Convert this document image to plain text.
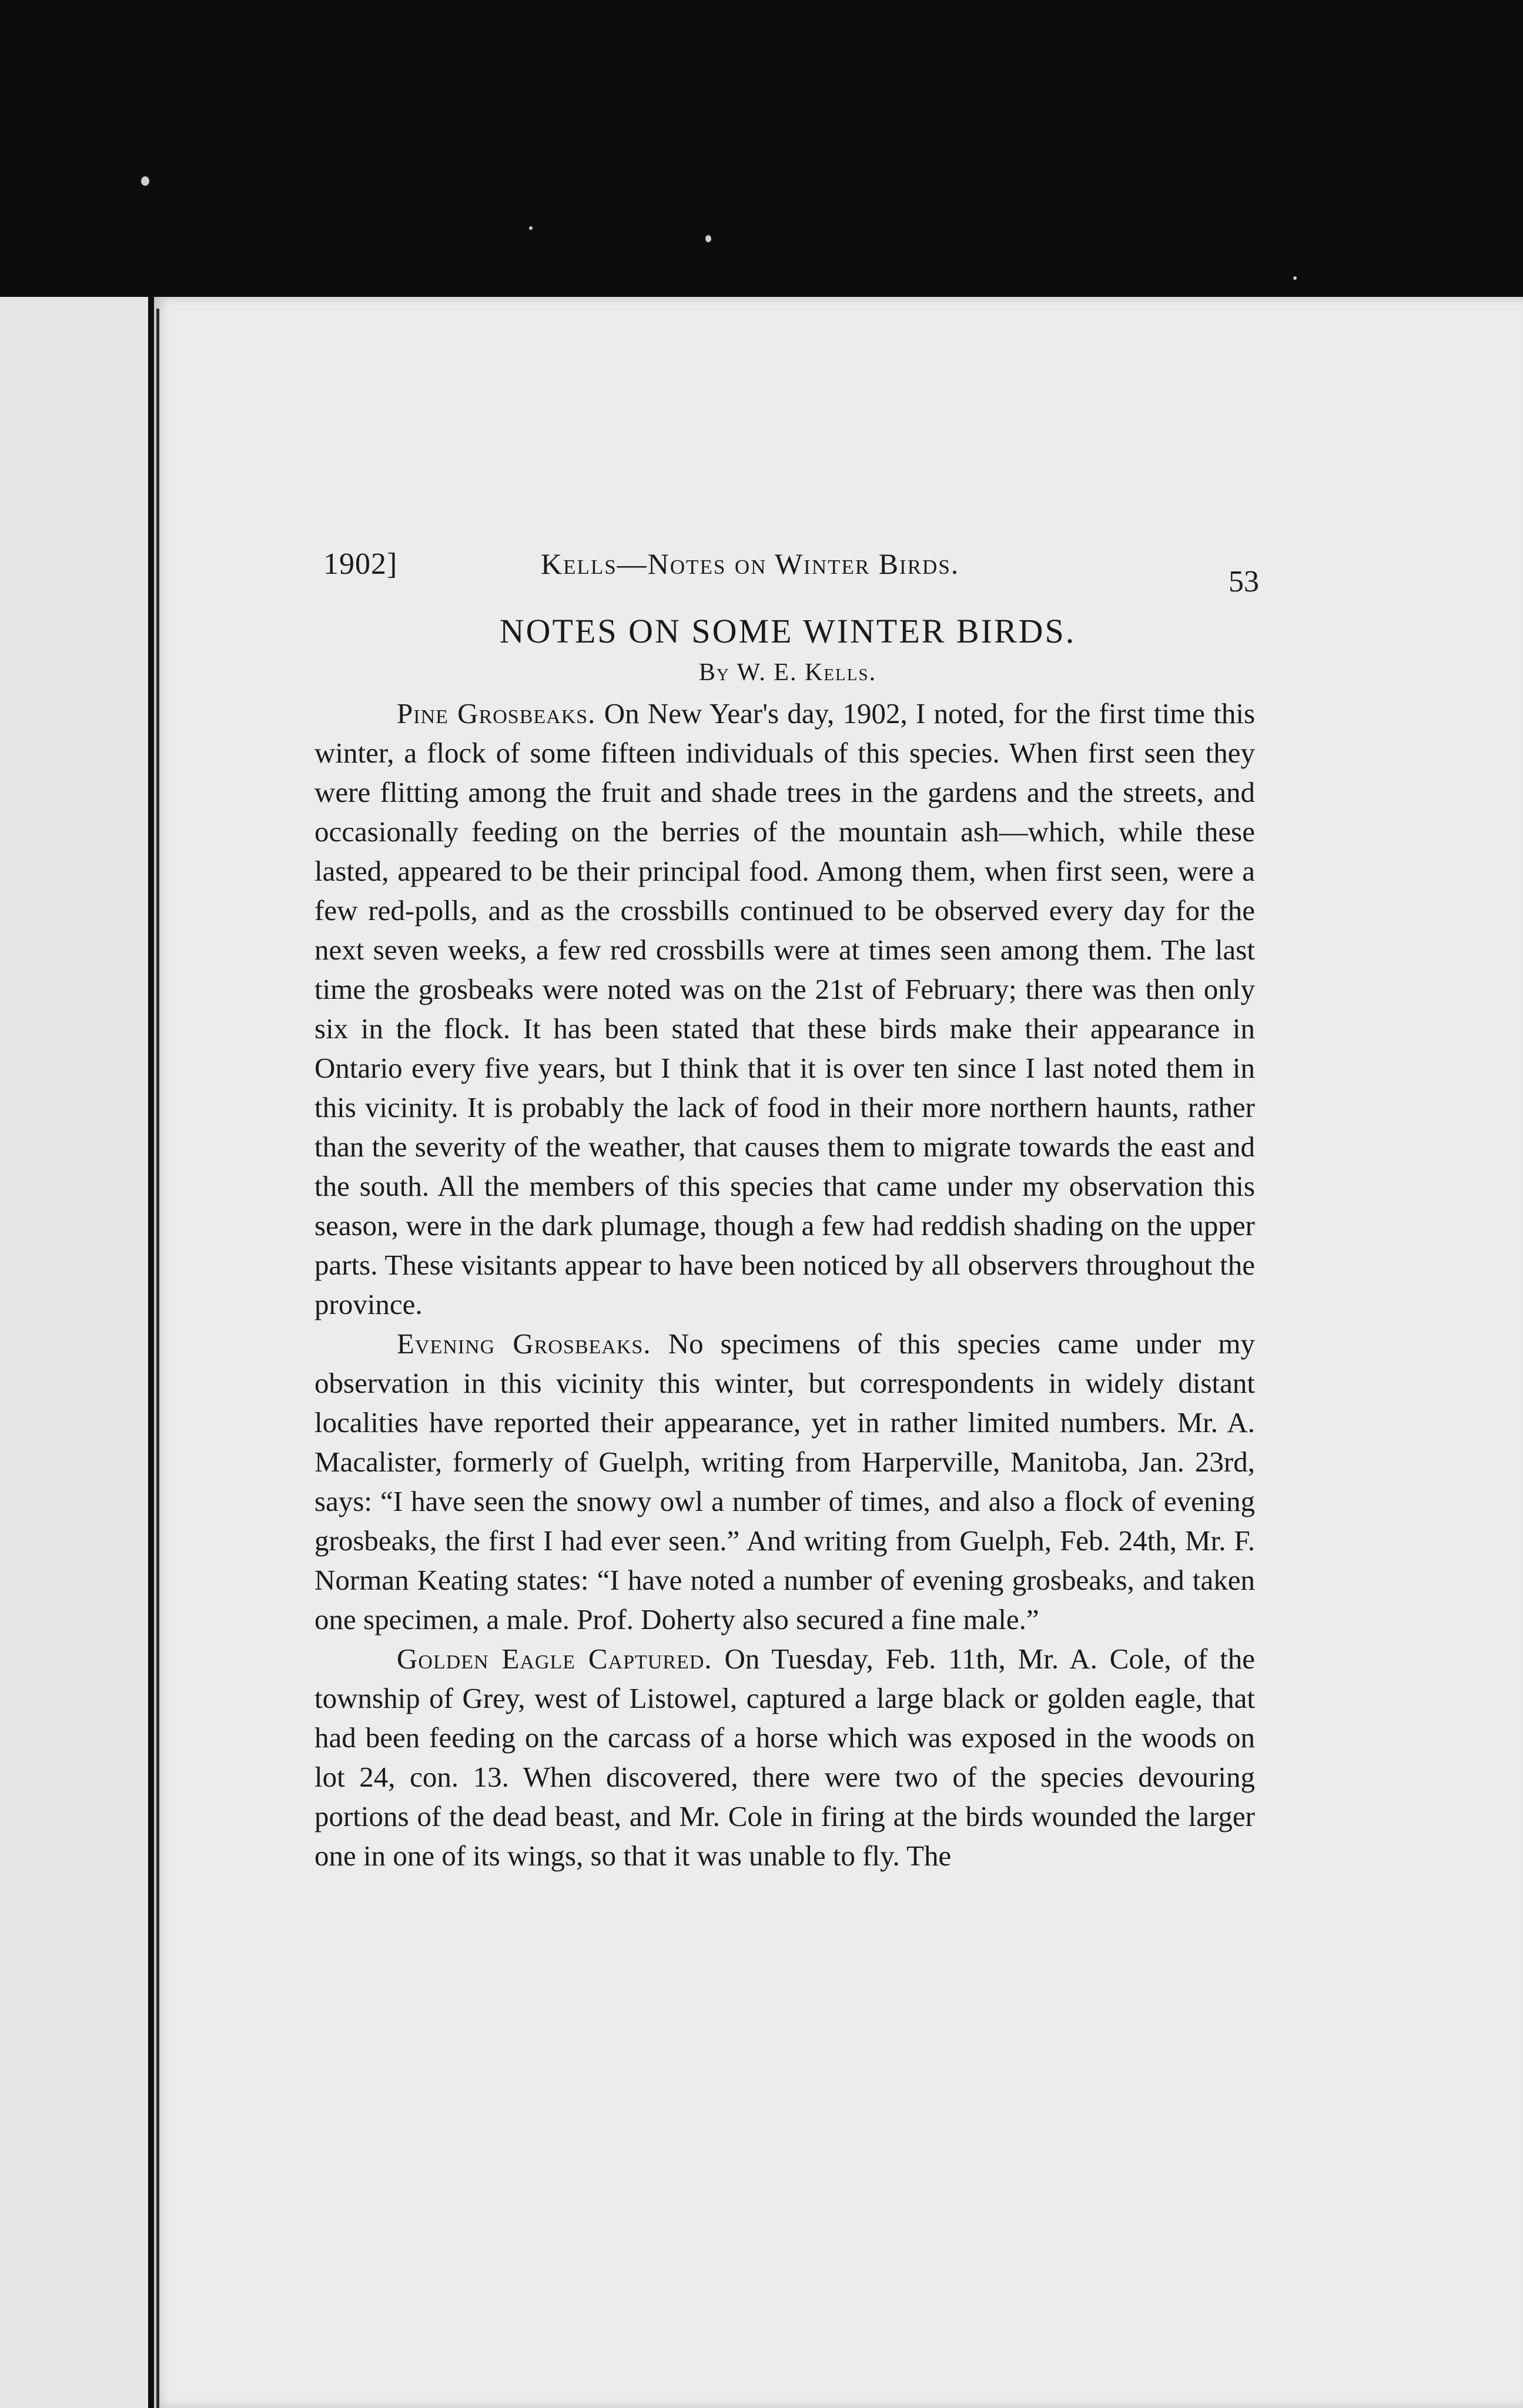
1902]	Kells—Notes on Winter Birds.
53
NOTES ON SOME WINTER BIRDS.
By W. E. Kells.

Pine Grosbeaks. On New Year's day, 1902, I noted, for the first time this winter, a flock of some fifteen individuals of this species. When first seen they were flitting among the fruit and shade trees in the gardens and the streets, and occasionally feeding on the berries of the mountain ash—which, while these lasted, appeared to be their principal food. Among them, when first seen, were a few red-polls, and as the crossbills continued to be observed every day for the next seven weeks, a few red crossbills were at times seen among them. The last time the grosbeaks were noted was on the 21st of February; there was then only six in the flock. It has been stated that these birds make their appearance in Ontario every five years, but I think that it is over ten since I last noted them in this vicinity. It is probably the lack of food in their more northern haunts, rather than the severity of the weather, that causes them to migrate towards the east and the south. All the members of this species that came under my observation this season, were in the dark plumage, though a few had reddish shading on the upper parts. These visitants appear to have been noticed by all observers throughout the province.

Evening Grosbeaks. No specimens of this species came under my observation in this vicinity this winter, but correspondents in widely distant localities have reported their appearance, yet in rather limited numbers. Mr. A. Macalister, formerly of Guelph, writing from Harperville, Manitoba, Jan. 23rd, says: “I have seen the snowy owl a number of times, and also a flock of evening grosbeaks, the first I had ever seen.” And writing from Guelph, Feb. 24th, Mr. F. Norman Keating states: “I have noted a number of evening grosbeaks, and taken one specimen, a male. Prof. Doherty also secured a fine male.”

Golden Eagle Captured. On Tuesday, Feb. 11th, Mr. A. Cole, of the township of Grey, west of Listowel, captured a large black or golden eagle, that had been feeding on the carcass of a horse which was exposed in the woods on lot 24, con. 13. When discovered, there were two of the species devouring portions of the dead beast, and Mr. Cole in firing at the birds wounded the larger one in one of its wings, so that it was unable to fly. The
